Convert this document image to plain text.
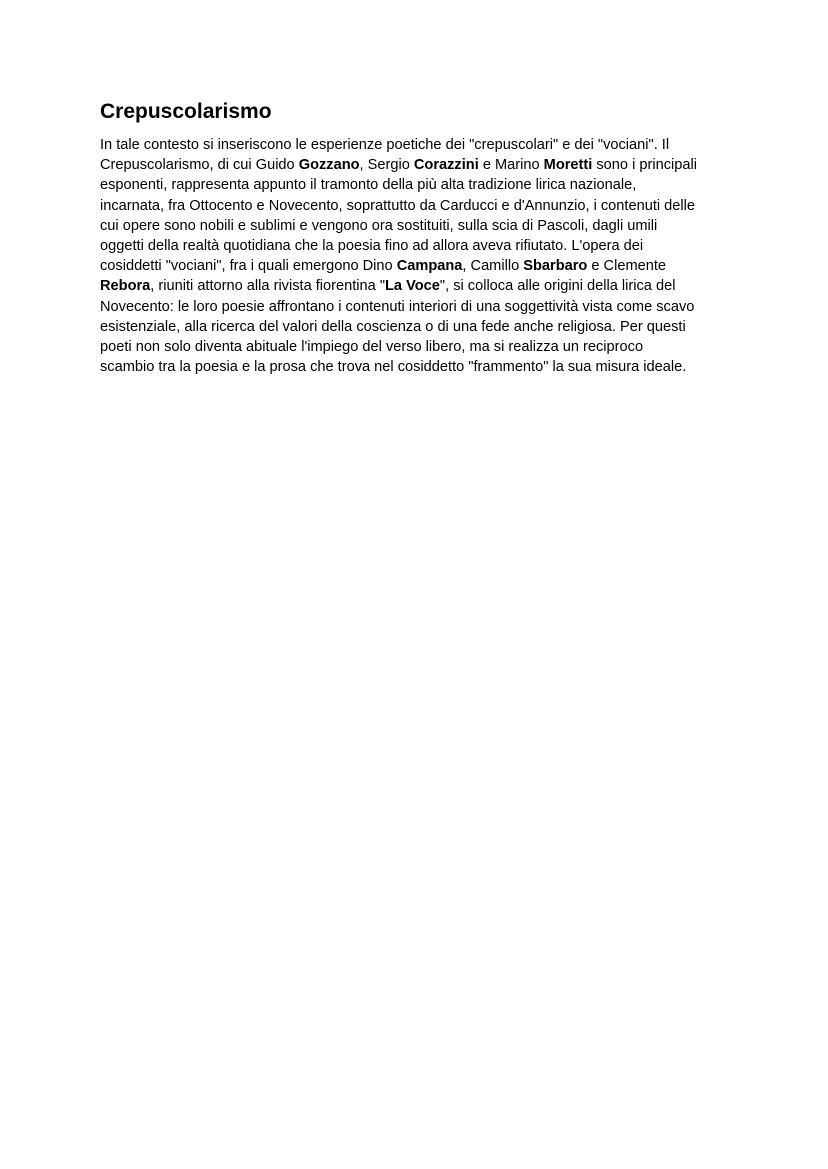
Crepuscolarismo

In tale contesto si inseriscono le esperienze poetiche dei "crepuscolari" e dei "vociani". Il
Crepuscolarismo, di cui Guido Gozzano, Sergio Corazzini e Marino Moretti sono i principali
esponenti, rappresenta appunto il tramonto della più alta tradizione lirica nazionale,
incarnata, fra Ottocento e Novecento, soprattutto da Carducci e d'Annunzio, i contenuti delle
cui opere sono nobili e sublimi e vengono ora sostituiti, sulla scia di Pascoli, dagli umili
oggetti della realtà quotidiana che la poesia fino ad allora aveva rifiutato. L'opera dei
cosiddetti "vociani", fra i quali emergono Dino Campana, Camillo Sbarbaro e Clemente
Rebora, riuniti attorno alla rivista fiorentina "La Voce", si colloca alle origini della lirica del
Novecento: le loro poesie affrontano i contenuti interiori di una soggettività vista come scavo
esistenziale, alla ricerca del valori della coscienza o di una fede anche religiosa. Per questi
poeti non solo diventa abituale l'impiego del verso libero, ma si realizza un reciproco
scambio tra la poesia e la prosa che trova nel cosiddetto "frammento" la sua misura ideale.
